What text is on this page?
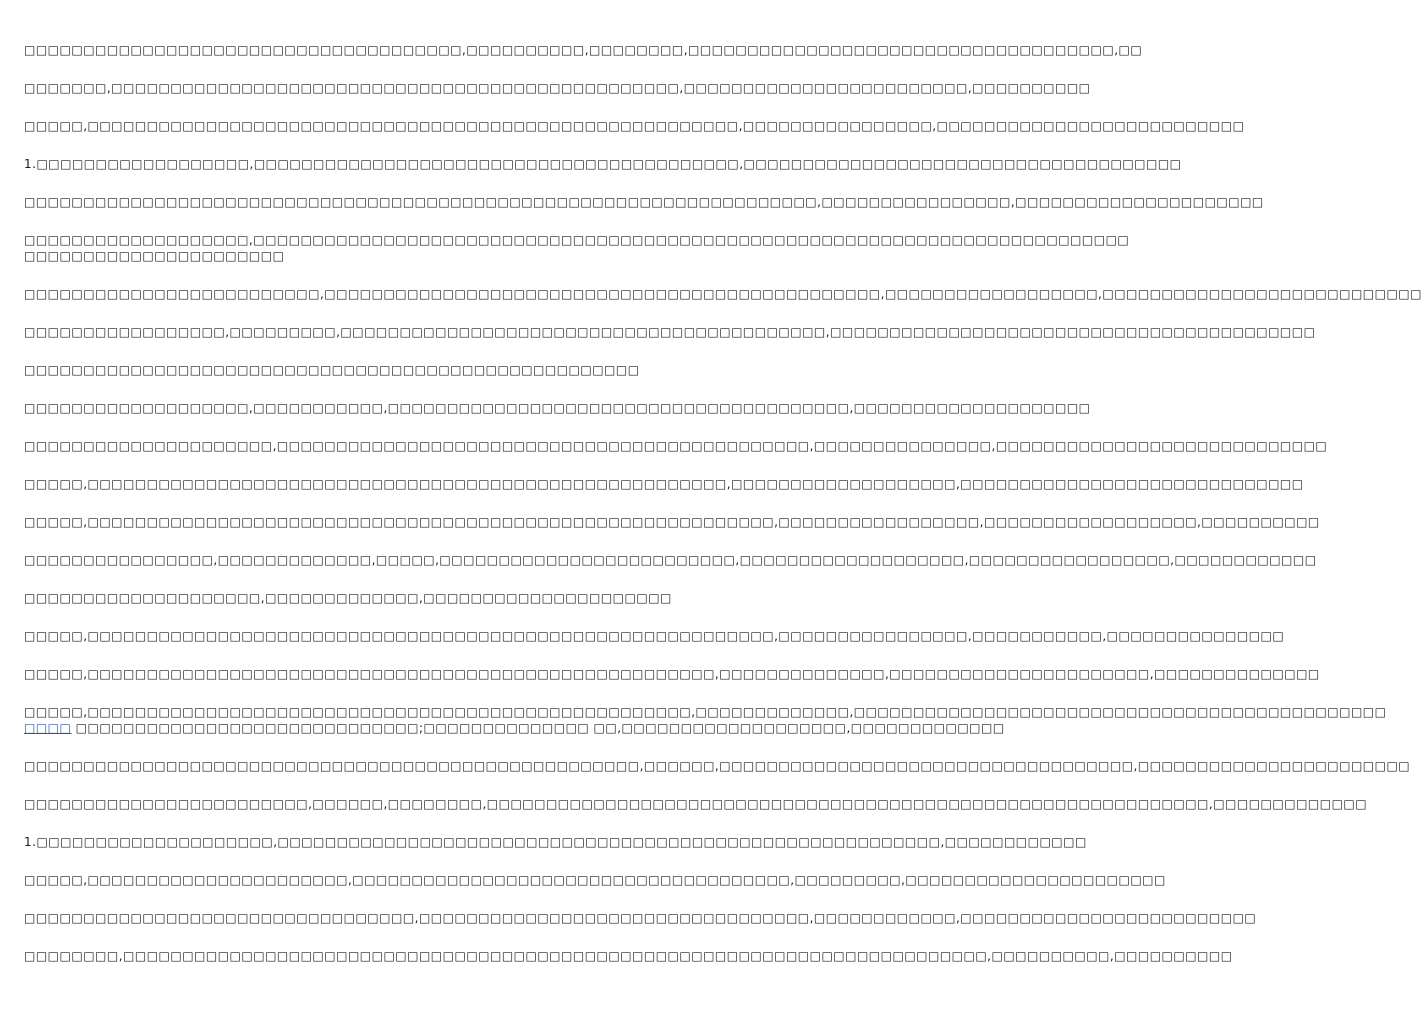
□□□□□□□□□□□□□□□□□□□□□□□□□□□□□□□□□□□□□,□□□□□□□□□□,□□□□□□□□,□□□□□□□□□□□□□□□□□□□□□□□□□□□□□□□□□□□□,□□

□□□□□□□,□□□□□□□□□□□□□□□□□□□□□□□□□□□□□□□□□□□□□□□□□□□□□□□□,□□□□□□□□□□□□□□□□□□□□□□□□,□□□□□□□□□□

□□□□□,□□□□□□□□□□□□□□□□□□□□□□□□□□□□□□□□□□□□□□□□□□□□□□□□□□□□□□□,□□□□□□□□□□□□□□□□,□□□□□□□□□□□□□□□□□□□□□□□□□□

1.□□□□□□□□□□□□□□□□□□,□□□□□□□□□□□□□□□□□□□□□□□□□□□□□□□□□□□□□□□□□,□□□□□□□□□□□□□□□□□□□□□□□□□□□□□□□□□□□□□

□□□□□□□□□□□□□□□□□□□□□□□□□□□□□□□□□□□□□□□□□□□□□□□□□□□□□□□□□□□□□□□□□□□,□□□□□□□□□□□□□□□□,□□□□□□□□□□□□□□□□□□□□□

□□□□□□□□□□□□□□□□□□□,□□□□□□□□□□□□□□□□□□□□□□□□□□□□□□□□□□□□□□□□□□□□□□□□□□□□□□□□□□□□□□□□□□□□□□□□□□
□□□□□□□□□□□□□□□□□□□□□□

□□□□□□□□□□□□□□□□□□□□□□□□□,□□□□□□□□□□□□□□□□□□□□□□□□□□□□□□□□□□□□□□□□□□□□□□□,□□□□□□□□□□□□□□□□□□,□□□□□□□□□□□□□□□□□□□□□□□□□□□

□□□□□□□□□□□□□□□□□,□□□□□□□□□,□□□□□□□□□□□□□□□□□□□□□□□□□□□□□□□□□□□□□□□□□,□□□□□□□□□□□□□□□□□□□□□□□□□□□□□□□□□□□□□□□□□

□□□□□□□□□□□□□□□□□□□□□□□□□□□□□□□□□□□□□□□□□□□□□□□□□□□□

□□□□□□□□□□□□□□□□□□□,□□□□□□□□□□□,□□□□□□□□□□□□□□□□□□□□□□□□□□□□□□□□□□□□□□□,□□□□□□□□□□□□□□□□□□□□

□□□□□□□□□□□□□□□□□□□□□,□□□□□□□□□□□□□□□□□□□□□□□□□□□□□□□□□□□□□□□□□□□□□,□□□□□□□□□□□□□□□,□□□□□□□□□□□□□□□□□□□□□□□□□□□□

□□□□□,□□□□□□□□□□□□□□□□□□□□□□□□□□□□□□□□□□□□□□□□□□□□□□□□□□□□□□,□□□□□□□□□□□□□□□□□□□,□□□□□□□□□□□□□□□□□□□□□□□□□□□□□

□□□□□,□□□□□□□□□□□□□□□□□□□□□□□□□□□□□□□□□□□□□□□□□□□□□□□□□□□□□□□□□□,□□□□□□□□□□□□□□□□□,□□□□□□□□□□□□□□□□□□,□□□□□□□□□□

□□□□□□□□□□□□□□□□,□□□□□□□□□□□□□,□□□□□,□□□□□□□□□□□□□□□□□□□□□□□□□,□□□□□□□□□□□□□□□□□□□,□□□□□□□□□□□□□□□□□,□□□□□□□□□□□□

□□□□□□□□□□□□□□□□□□□□,□□□□□□□□□□□□□,□□□□□□□□□□□□□□□□□□□□□

□□□□□,□□□□□□□□□□□□□□□□□□□□□□□□□□□□□□□□□□□□□□□□□□□□□□□□□□□□□□□□□□,□□□□□□□□□□□□□□□□,□□□□□□□□□□□,□□□□□□□□□□□□□□□

□□□□□,□□□□□□□□□□□□□□□□□□□□□□□□□□□□□□□□□□□□□□□□□□□□□□□□□□□□□,□□□□□□□□□□□□□□,□□□□□□□□□□□□□□□□□□□□□□,□□□□□□□□□□□□□□

□□□□□,□□□□□□□□□□□□□□□□□□□□□□□□□□□□□□□□□□□□□□□□□□□□□□□□□□□,□□□□□□□□□□□□□,□□□□□□□□□□□□□□□□□□□□□□□□□□□□□□□□□□□□□□□□□□□□□
□□□□ □□□□□□□□□□□□□□□□□□□□□□□□□□□□□;□□□□□□□□□□□□□□ □□,□□□□□□□□□□□□□□□□□□□,□□□□□□□□□□□□□

□□□□□□□□□□□□□□□□□□□□□□□□□□□□□□□□□□□□□□□□□□□□□□□□□□□□,□□□□□□,□□□□□□□□□□□□□□□□□□□□□□□□□□□□□□□□□□□,□□□□□□□□□□□□□□□□□□□□□□□

□□□□□□□□□□□□□□□□□□□□□□□□,□□□□□□,□□□□□□□□,□□□□□□□□□□□□□□□□□□□□□□□□□□□□□□□□□□□□□□□□□□□□□□□□□□□□□□□□□□□□□,□□□□□□□□□□□□□

1.□□□□□□□□□□□□□□□□□□□□,□□□□□□□□□□□□□□□□□□□□□□□□□□□□□□□□□□□□□□□□□□□□□□□□□□□□□□□□,□□□□□□□□□□□□

□□□□□,□□□□□□□□□□□□□□□□□□□□□□,□□□□□□□□□□□□□□□□□□□□□□□□□□□□□□□□□□□□□,□□□□□□□□□,□□□□□□□□□□□□□□□□□□□□□□

□□□□□□□□□□□□□□□□□□□□□□□□□□□□□□□□□,□□□□□□□□□□□□□□□□□□□□□□□□□□□□□□□□□,□□□□□□□□□□□□,□□□□□□□□□□□□□□□□□□□□□□□□□

□□□□□□□□,□□□□□□□□□□□□□□□□□□□□□□□□□□□□□□□□□□□□□□□□□□□□□□□□□□□□□□□□□□□□□□□□□□□□□□□□□,□□□□□□□□□□,□□□□□□□□□□
